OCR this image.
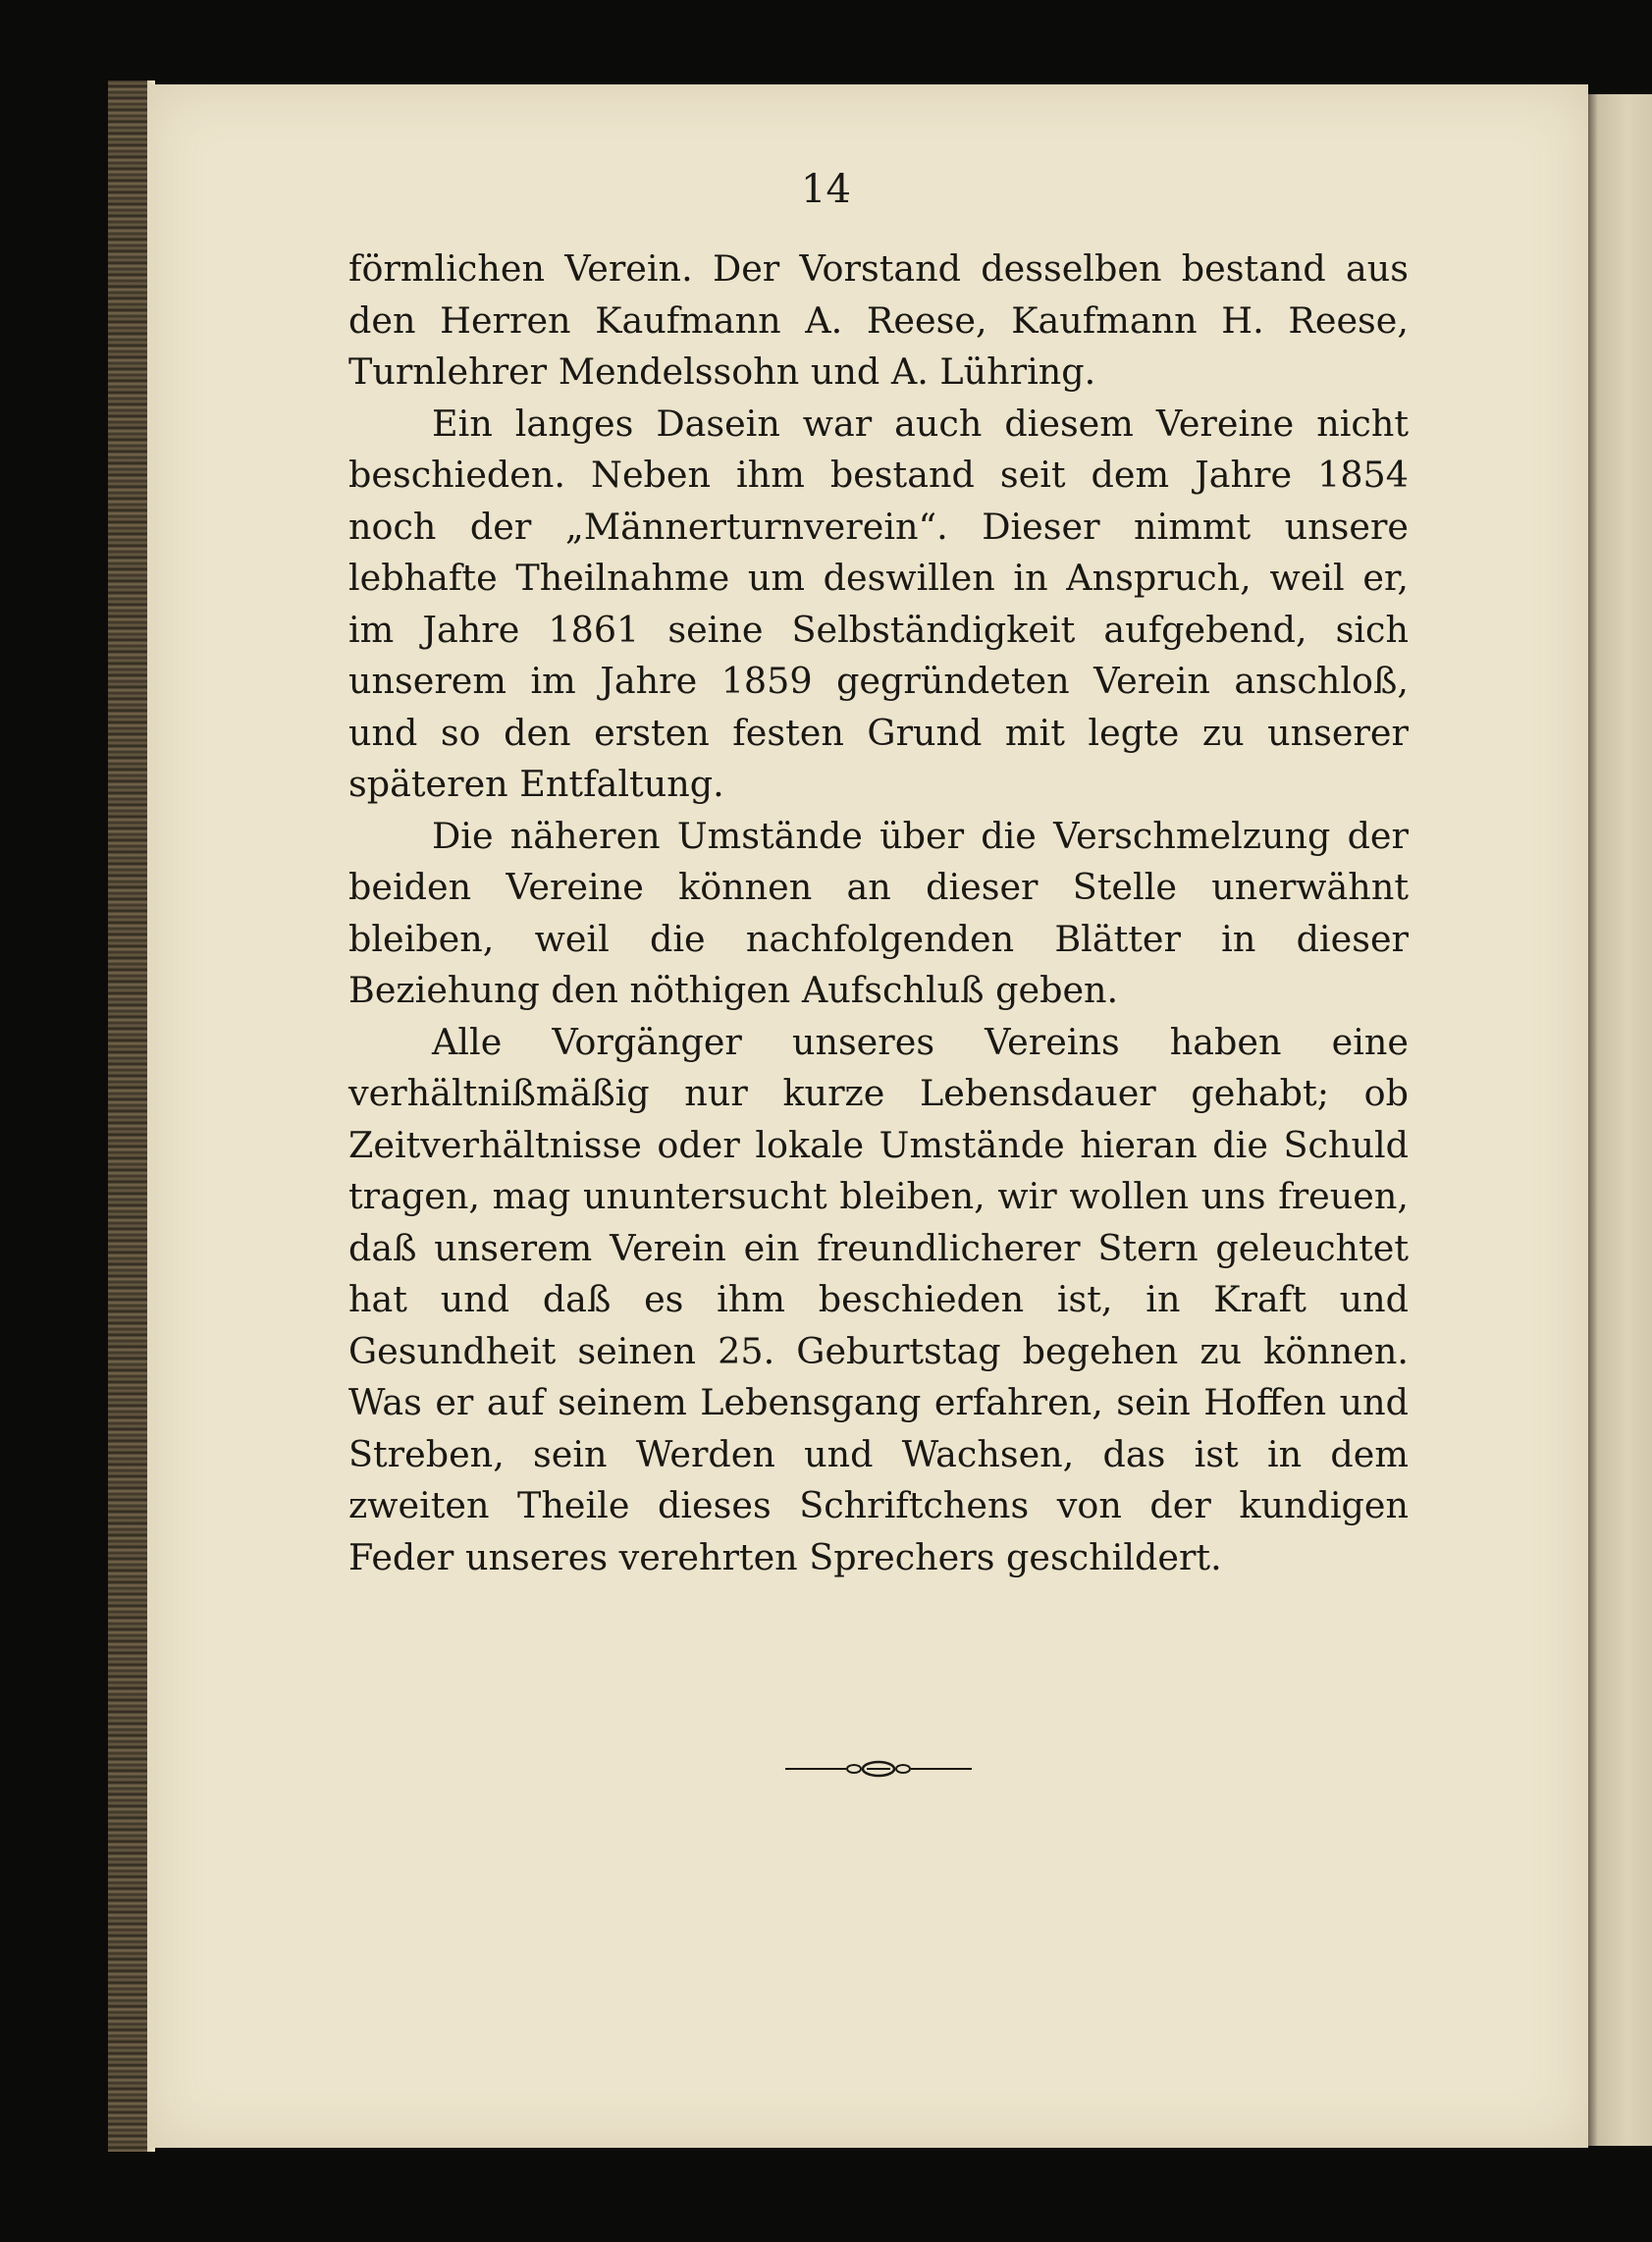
14

förmlichen Verein. Der Vorstand desselben bestand aus den Herren Kaufmann A. Reese, Kaufmann H. Reese, Turnlehrer Mendelssohn und A. Lühring.

Ein langes Dasein war auch diesem Vereine nicht beschieden. Neben ihm bestand seit dem Jahre 1854 noch der „Männerturnverein“. Dieser nimmt unsere lebhafte Theilnahme um deswillen in Anspruch, weil er, im Jahre 1861 seine Selbständigkeit aufgebend, sich unserem im Jahre 1859 gegründeten Verein anschloß, und so den ersten festen Grund mit legte zu unserer späteren Entfaltung.

Die näheren Umstände über die Verschmelzung der beiden Vereine können an dieser Stelle unerwähnt bleiben, weil die nachfolgenden Blätter in dieser Beziehung den nöthigen Aufschluß geben.

Alle Vorgänger unseres Vereins haben eine verhältnißmäßig nur kurze Lebensdauer gehabt; ob Zeitverhältnisse oder lokale Umstände hieran die Schuld tragen, mag ununtersucht bleiben, wir wollen uns freuen, daß unserem Verein ein freundlicherer Stern geleuchtet hat und daß es ihm beschieden ist, in Kraft und Gesundheit seinen 25. Geburtstag begehen zu können. Was er auf seinem Lebensgang erfahren, sein Hoffen und Streben, sein Werden und Wachsen, das ist in dem zweiten Theile dieses Schriftchens von der kundigen Feder unseres verehrten Sprechers geschildert.
